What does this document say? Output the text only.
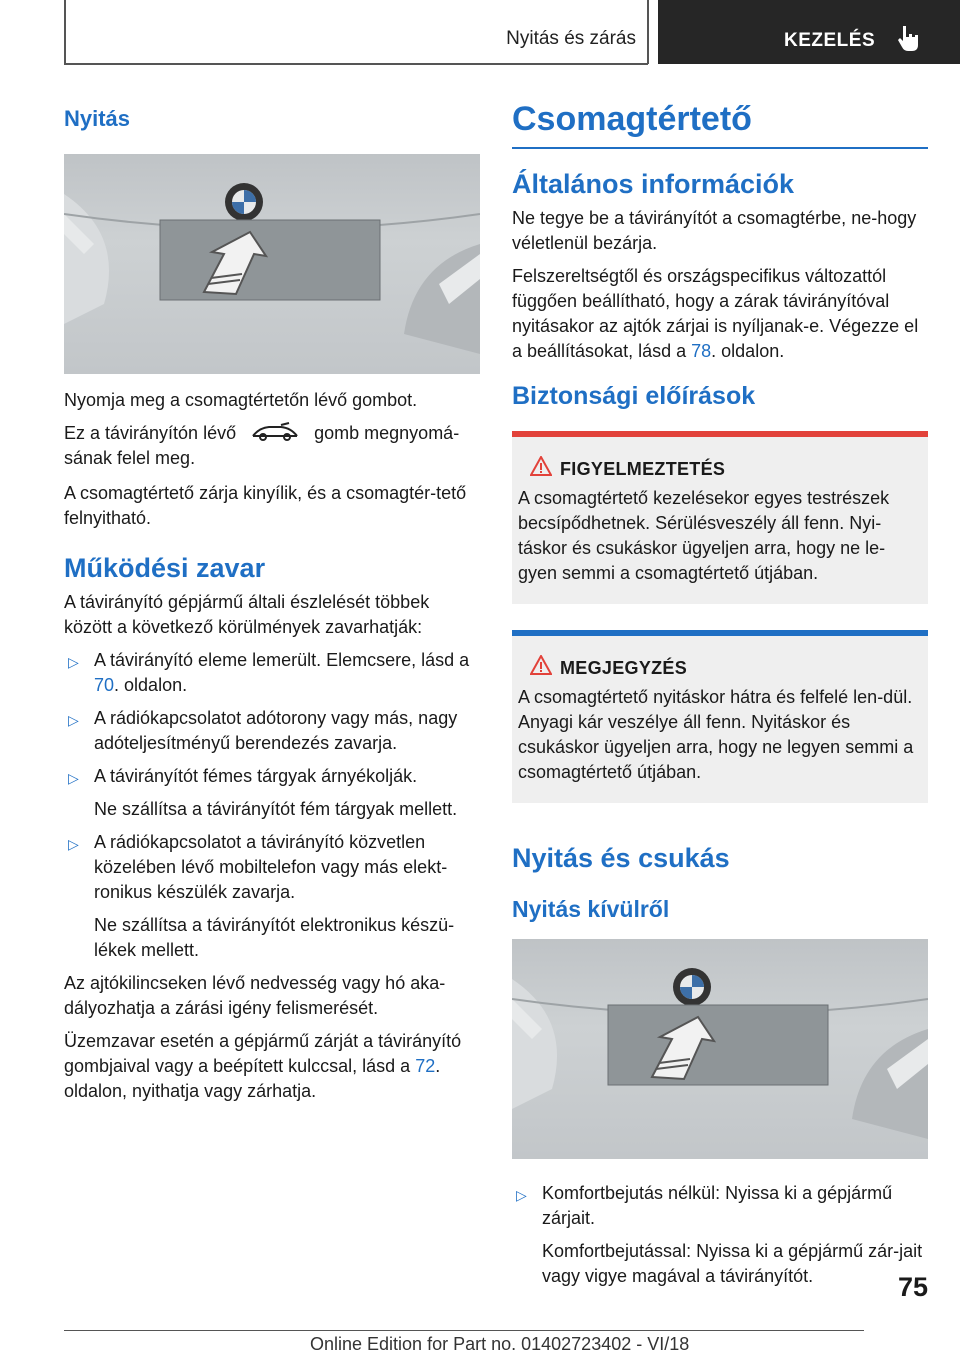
Nyitás és zárás	KEZELÉS
Nyitás

Nyomja meg a csomagtértetőn lévő gombot.

Ez a távirányítón lévő	gomb megnyomá-
sának felel meg.

A csomagtértető zárja kinyílik, és a csomagtér-tető felnyitható.

Működési zavar

A távirányító gépjármű általi észlelését többek között a következő körülmények zavarhatják:

▷ A távirányító eleme lemerült. Elemcsere, lásd a 70. oldalon.
▷ A rádiókapcsolatot adótorony vagy más, nagy adóteljesítményű berendezés zavarja.
▷ A távirányítót fémes tárgyak árnyékolják.
Ne szállítsa a távirányítót fém tárgyak mellett.
▷ A rádiókapcsolatot a távirányító közvetlen közelében lévő mobiltelefon vagy más elekt-ronikus készülék zavarja.
Ne szállítsa a távirányítót elektronikus készü-lékek mellett.

Az ajtókilincseken lévő nedvesség vagy hó aka-dályozhatja a zárási igény felismerését.

Üzemzavar esetén a gépjármű zárját a távirányító gombjaival vagy a beépített kulccsal, lásd a 72. oldalon, nyithatja vagy zárhatja.

Csomagtértető
Általános információk

Ne tegye be a távirányítót a csomagtérbe, ne-hogy véletlenül bezárja.

Felszereltségtől és országspecifikus változattól függően beállítható, hogy a zárak távirányítóval nyitásakor az ajtók zárjai is nyíljanak-e. Végezze el a beállításokat, lásd a 78. oldalon.

Biztonsági előírások
FIGYELMEZTETÉS

A csomagtértető kezelésekor egyes testrészek becsípődhetnek. Sérülésveszély áll fenn. Nyi-táskor és csukáskor ügyeljen arra, hogy ne le-gyen semmi a csomagtértető útjában.

MEGJEGYZÉS

A csomagtértető nyitáskor hátra és felfelé len-dül. Anyagi kár veszélye áll fenn. Nyitáskor és csukáskor ügyeljen arra, hogy ne legyen semmi a csomagtértető útjában.

Nyitás és csukás
Nyitás kívülről
▷ Komfortbejutás nélkül: Nyissa ki a gépjármű zárjait.
Komfortbejutással: Nyissa ki a gépjármű zár-jait vagy vigye magával a távirányítót.	75
Online Edition for Part no. 01402723402 - VI/18
